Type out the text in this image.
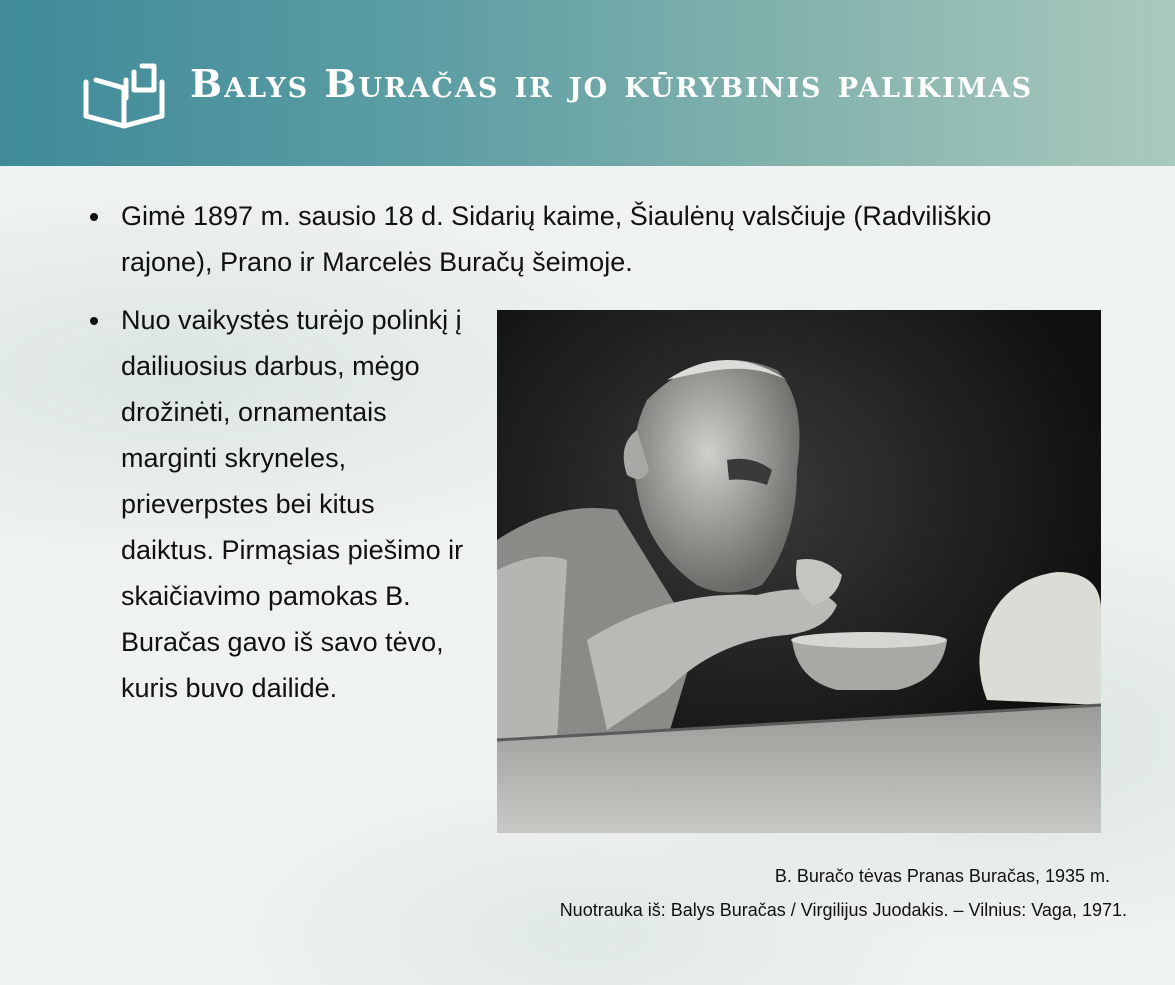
Balys Buračas ir jo kūrybinis palikimas
Gimė 1897 m. sausio 18 d. Sidarių kaime, Šiaulėnų valsčiuje (Radviliškio rajone), Prano ir Marcelės Buračų šeimoje.
Nuo vaikystės turėjo polinkį į dailiuosius darbus, mėgo drožinėti, ornamentais marginti skryneles, prieverpstes bei kitus daiktus. Pirmąsias piešimo ir skaičiavimo pamokas B. Buračas gavo iš savo tėvo, kuris buvo dailidė.
B. Buračo tėvas Pranas Buračas, 1935 m.
Nuotrauka iš: Balys Buračas / Virgilijus Juodakis. – Vilnius: Vaga, 1971.
